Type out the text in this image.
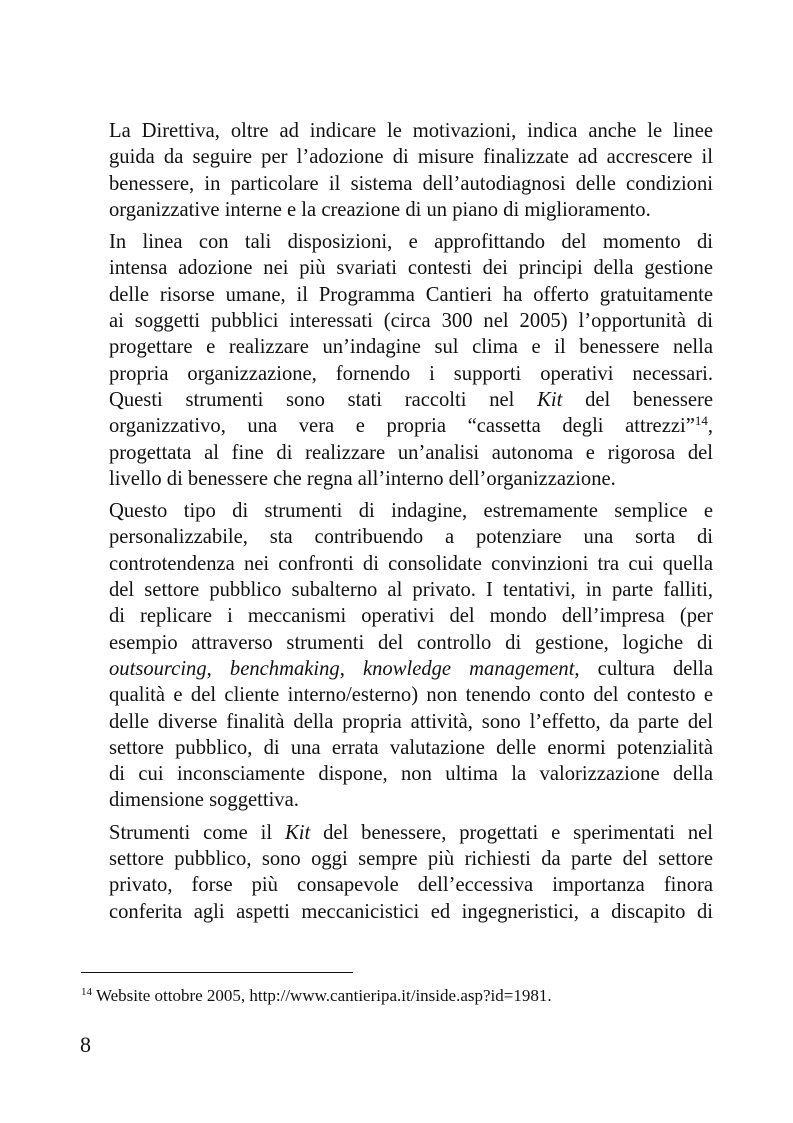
La Direttiva, oltre ad indicare le motivazioni, indica anche le linee
guida da seguire per l’adozione di misure finalizzate ad accrescere il
benessere, in particolare il sistema dell’autodiagnosi delle condizioni
organizzative interne e la creazione di un piano di miglioramento.
In linea con tali disposizioni, e approfittando del momento di
intensa adozione nei più svariati contesti dei principi della gestione
delle risorse umane, il Programma Cantieri ha offerto gratuitamente
ai soggetti pubblici interessati (circa 300 nel 2005) l’opportunità di
progettare e realizzare un’indagine sul clima e il benessere nella
propria organizzazione, fornendo i supporti operativi necessari.
Questi strumenti sono stati raccolti nel Kit del benessere
organizzativo, una vera e propria “cassetta degli attrezzi”$^{14}$,
progettata al fine di realizzare un’analisi autonoma e rigorosa del
livello di benessere che regna all’interno dell’organizzazione.
Questo tipo di strumenti di indagine, estremamente semplice e
personalizzabile, sta contribuendo a potenziare una sorta di
controtendenza nei confronti di consolidate convinzioni tra cui quella
del settore pubblico subalterno al privato. I tentativi, in parte falliti,
di replicare i meccanismi operativi del mondo dell’impresa (per
esempio attraverso strumenti del controllo di gestione, logiche di
outsourcing, benchmaking, knowledge management, cultura della
qualità e del cliente interno/esterno) non tenendo conto del contesto e
delle diverse finalità della propria attività, sono l’effetto, da parte del
settore pubblico, di una errata valutazione delle enormi potenzialità
di cui inconsciamente dispone, non ultima la valorizzazione della
dimensione soggettiva.
Strumenti come il Kit del benessere, progettati e sperimentati nel
settore pubblico, sono oggi sempre più richiesti da parte del settore
privato, forse più consapevole dell’eccessiva importanza finora
conferita agli aspetti meccanicistici ed ingegneristici, a discapito di
$^{14}$ Website ottobre 2005, http://www.cantieripa.it/inside.asp?id=1981.
8
